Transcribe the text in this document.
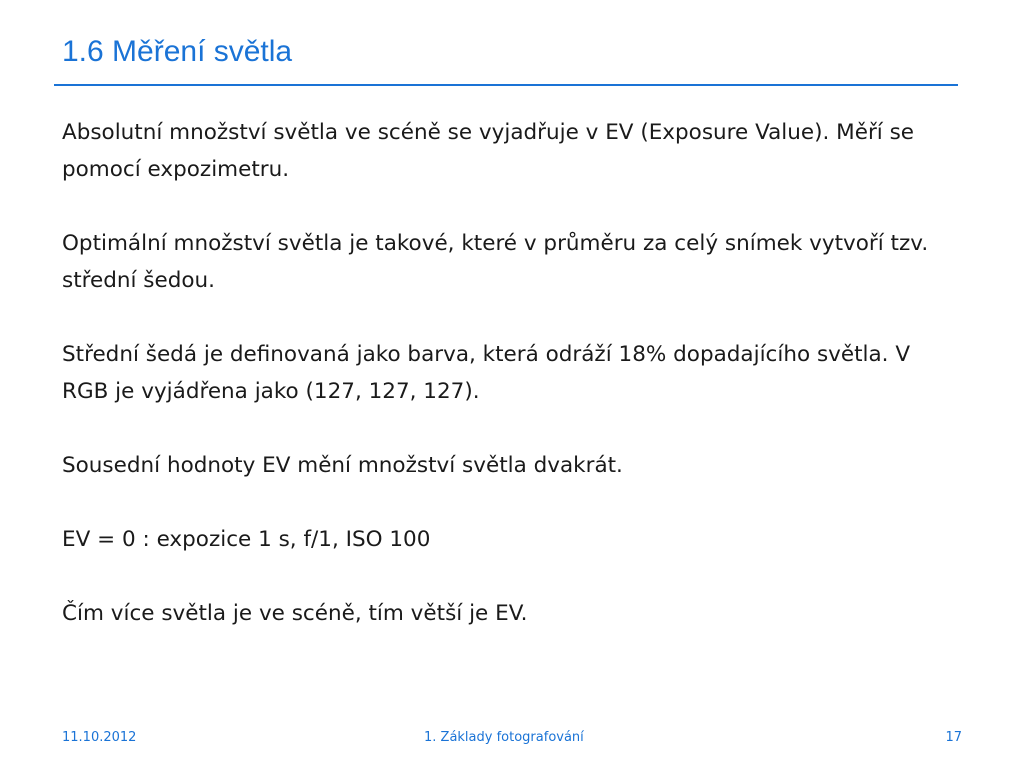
1.6 Měření světla

Absolutní množství světla ve scéně se vyjadřuje v EV (Exposure Value). Měří se pomocí expozimetru.

Optimální množství světla je takové, které v průměru za celý snímek vytvoří tzv. střední šedou.

Střední šedá je definovaná jako barva, která odráží 18% dopadajícího světla. V RGB je vyjádřena jako (127, 127, 127).

Sousední hodnoty EV mění množství světla dvakrát.

EV = 0 : expozice 1 s, f/1, ISO 100

Čím více světla je ve scéně, tím větší je EV.

11.10.2012	1. Základy fotografování	17
